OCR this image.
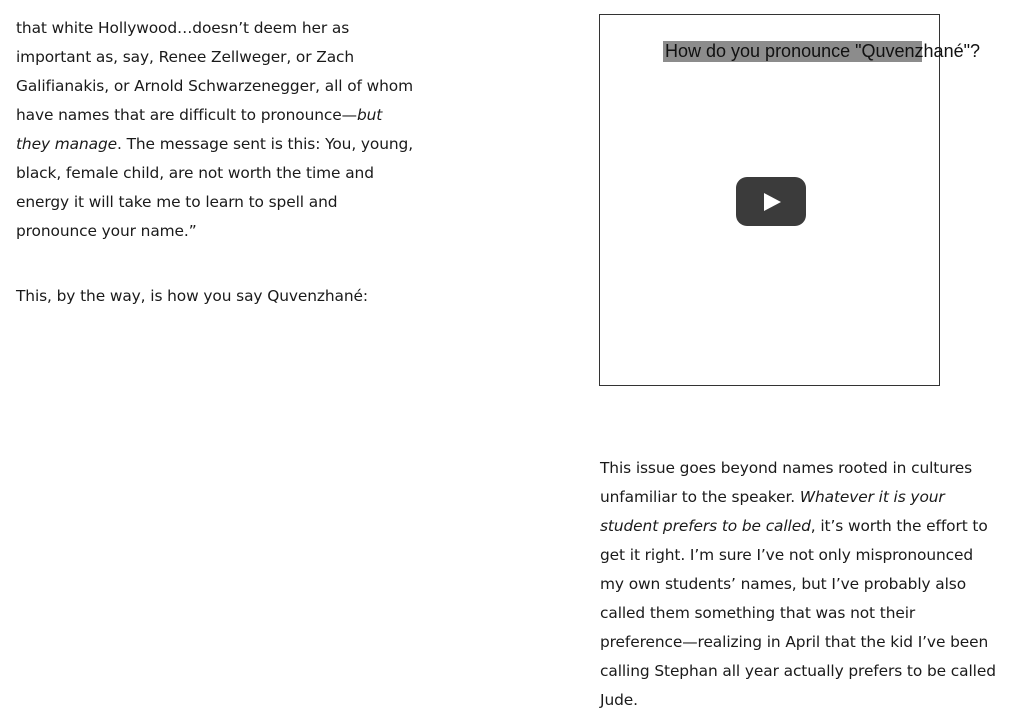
that white Hollywood…doesn’t deem her as important as, say, Renee Zellweger, or Zach Galifianakis, or Arnold Schwarzenegger, all of whom have names that are difficult to pronounce—but they manage. The message sent is this: You, young, black, female child, are not worth the time and energy it will take me to learn to spell and pronounce your name.”

This, by the way, is how you say Quvenzhané:

How do you pronounce "Quvenzhané"?

This issue goes beyond names rooted in cultures unfamiliar to the speaker. Whatever it is your student prefers to be called, it’s worth the effort to get it right. I’m sure I’ve not only mispronounced my own students’ names, but I’ve probably also called them something that was not their preference—realizing in April that the kid I’ve been calling Stephan all year actually prefers to be called Jude.
